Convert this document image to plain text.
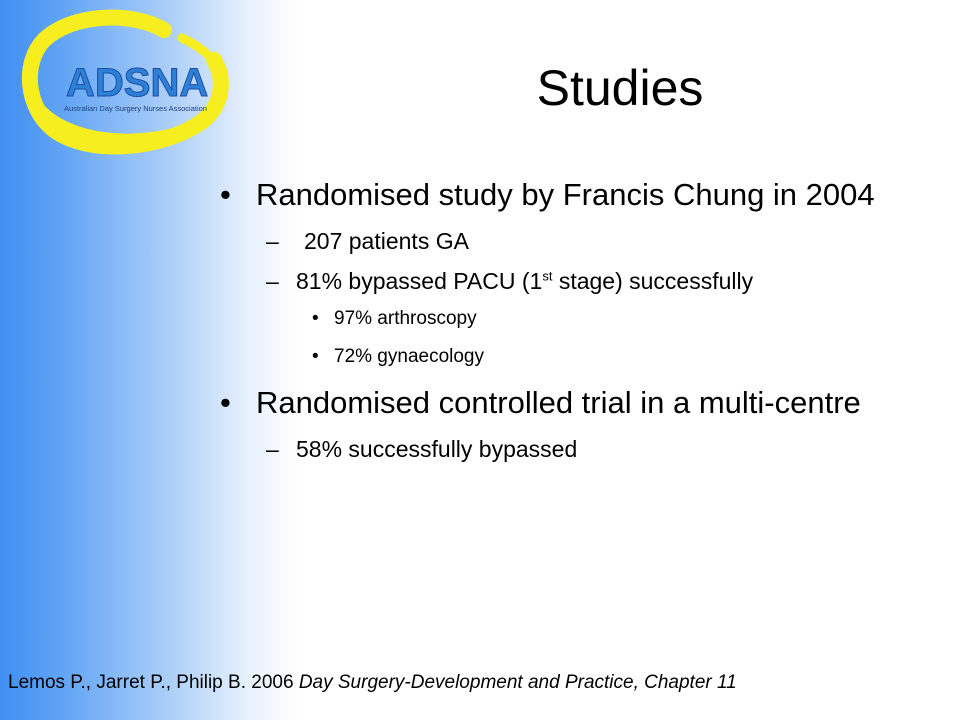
ADSNA
Australian Day Surgery Nurses Association	Studies
• Randomised study by Francis Chung in 2004
– 207 patients GA
– 81% bypassed PACU (1st stage) successfully
• 97% arthroscopy
• 72% gynaecology
• Randomised controlled trial in a multi-centre
– 58% successfully bypassed
Lemos P., Jarret P., Philip B. 2006 Day Surgery-Development and Practice, Chapter 11
